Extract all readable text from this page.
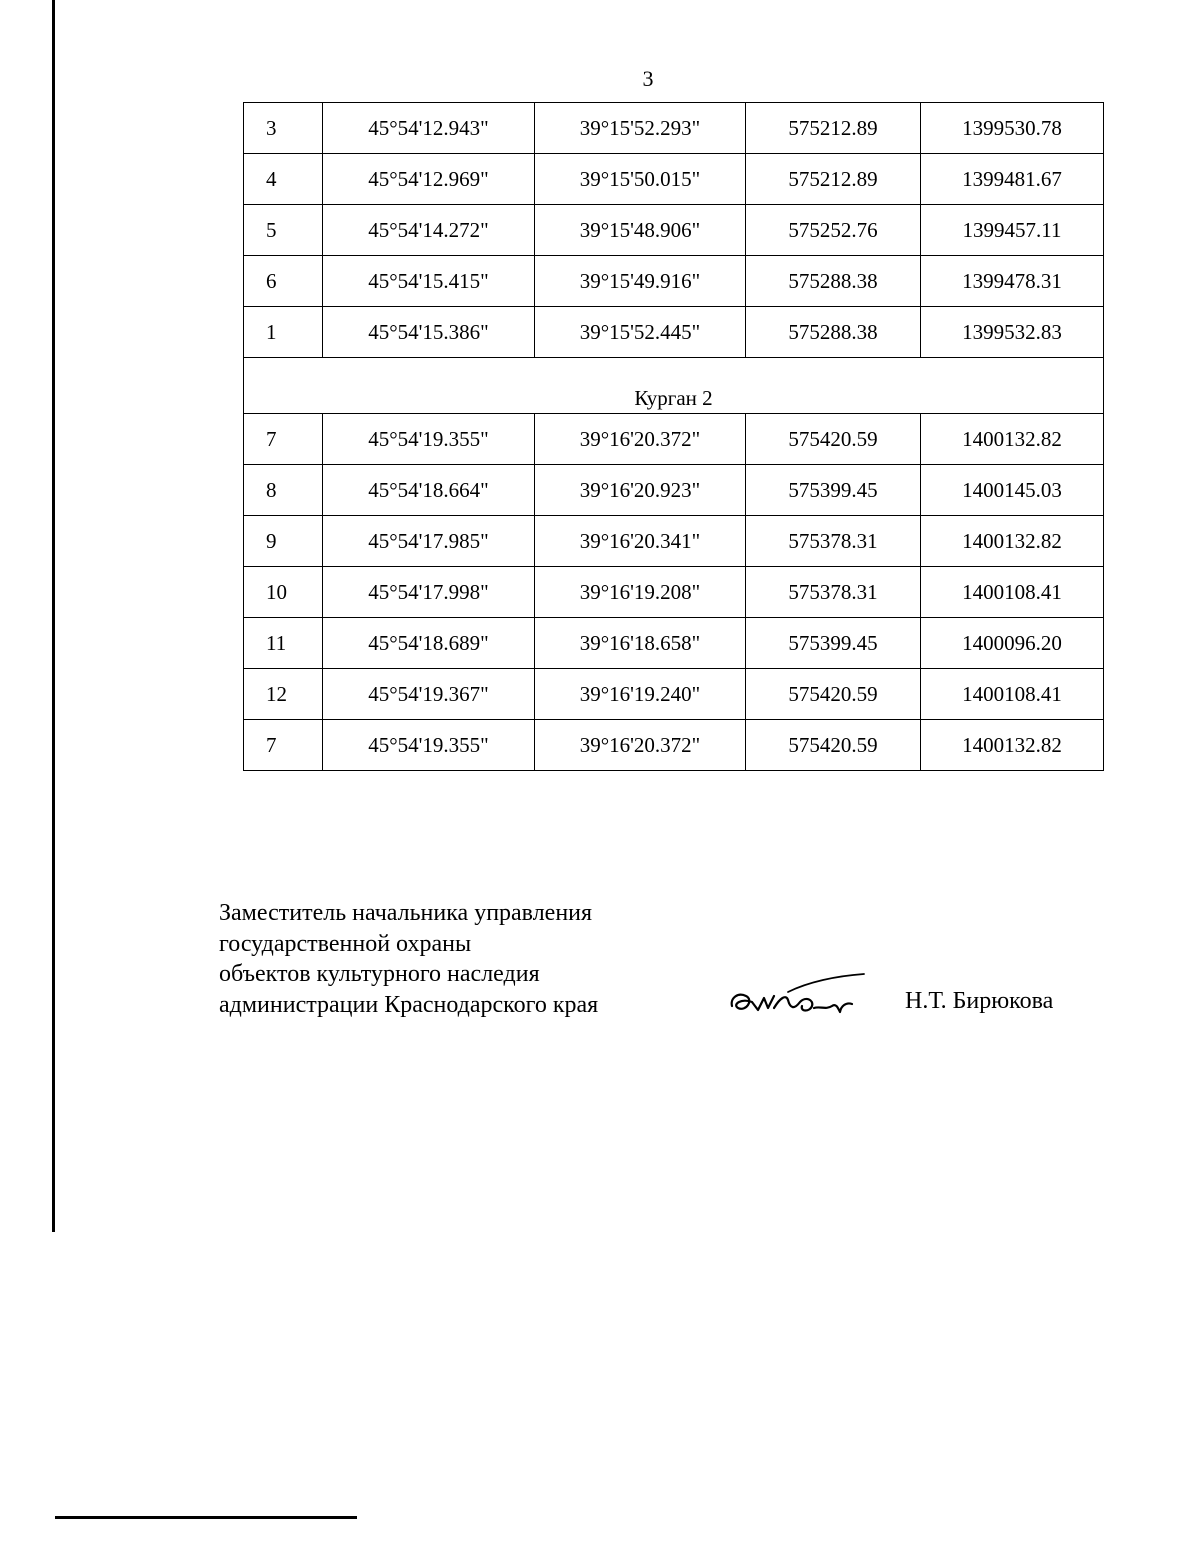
3
3	45°54'12.943"	39°15'52.293"	575212.89	1399530.78
4	45°54'12.969"	39°15'50.015"	575212.89	1399481.67
5	45°54'14.272"	39°15'48.906"	575252.76	1399457.11
6	45°54'15.415"	39°15'49.916"	575288.38	1399478.31
1	45°54'15.386"	39°15'52.445"	575288.38	1399532.83
Курган 2				
7	45°54'19.355"	39°16'20.372"	575420.59	1400132.82
8	45°54'18.664"	39°16'20.923"	575399.45	1400145.03
9	45°54'17.985"	39°16'20.341"	575378.31	1400132.82
10	45°54'17.998"	39°16'19.208"	575378.31	1400108.41
11	45°54'18.689"	39°16'18.658"	575399.45	1400096.20
12	45°54'19.367"	39°16'19.240"	575420.59	1400108.41
7	45°54'19.355"	39°16'20.372"	575420.59	1400132.82
Заместитель начальника управления
государственной охраны
объектов культурного наследия
администрации Краснодарского края	Н.Т. Бирюкова
